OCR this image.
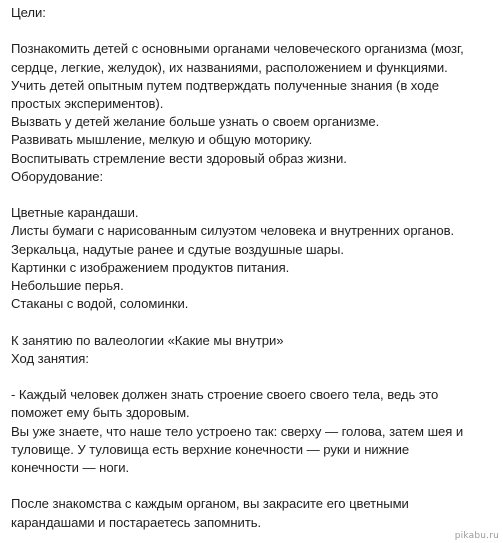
Цели:
Познакомить детей с основными органами человеческого организма (мозг,
сердце, легкие, желудок), их названиями, расположением и функциями.
Учить детей опытным путем подтверждать полученные знания (в ходе
простых экспериментов).
Вызвать у детей желание больше узнать о своем организме.
Развивать мышление, мелкую и общую моторику.
Воспитывать стремление вести здоровый образ жизни.
Оборудование:
Цветные карандаши.
Листы бумаги с нарисованным силуэтом человека и внутренних органов.
Зеркальца, надутые ранее и сдутые воздушные шары.
Картинки с изображением продуктов питания.
Небольшие перья.
Стаканы с водой, соломинки.
К занятию по валеологии «Какие мы внутри»
Ход занятия:
- Каждый человек должен знать строение своего своего тела, ведь это
поможет ему быть здоровым.
Вы уже знаете, что наше тело устроено так: сверху — голова, затем шея и
туловище. У туловища есть верхние конечности — руки и нижние
конечности — ноги.
После знакомства с каждым органом, вы закрасите его цветными
карандашами и постараетесь запомнить.
pikabu.ru
